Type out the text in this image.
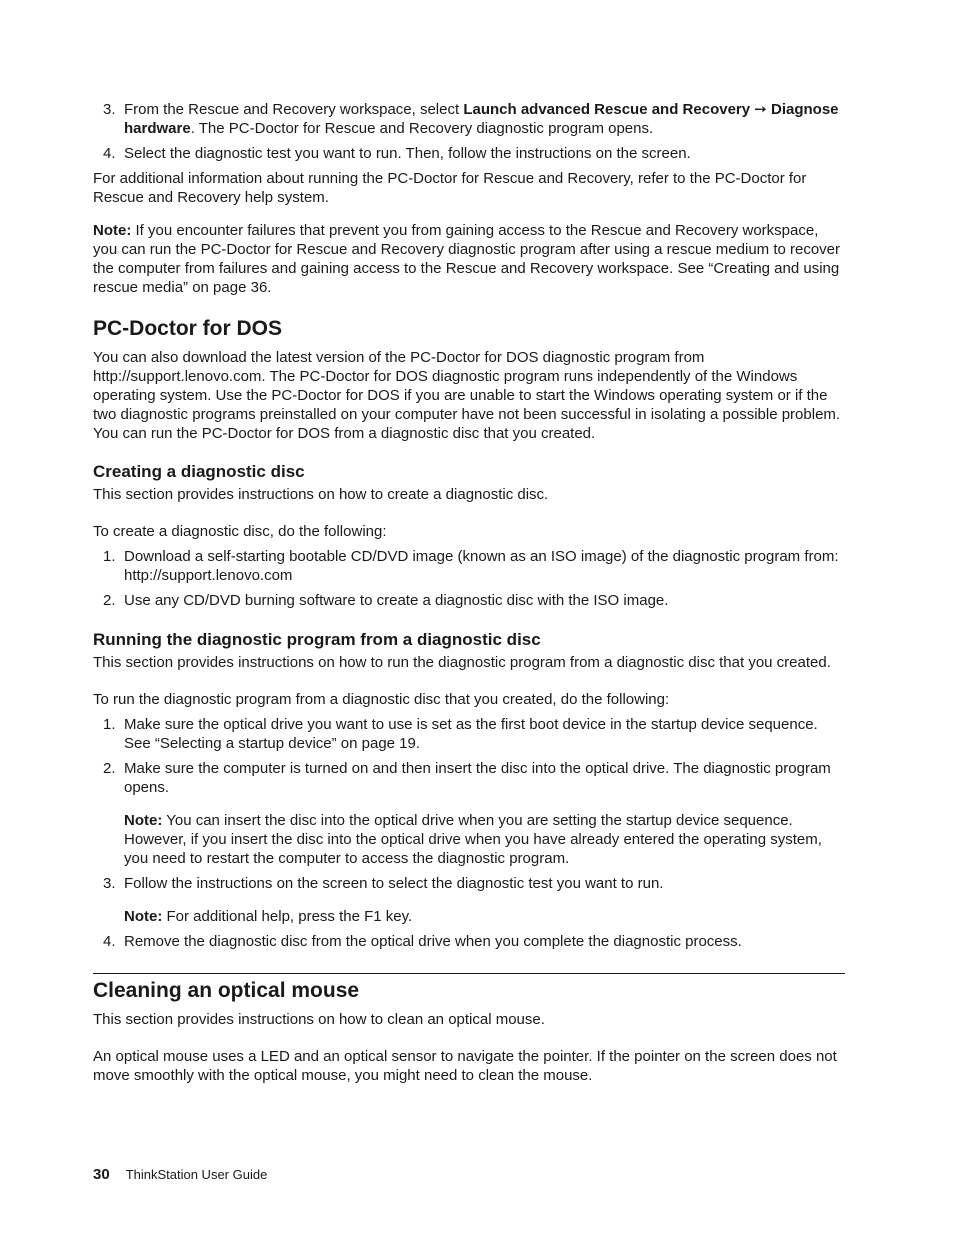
3. From the Rescue and Recovery workspace, select Launch advanced Rescue and Recovery ➙ Diagnose hardware. The PC-Doctor for Rescue and Recovery diagnostic program opens.
4. Select the diagnostic test you want to run. Then, follow the instructions on the screen.

For additional information about running the PC-Doctor for Rescue and Recovery, refer to the PC-Doctor for Rescue and Recovery help system.

Note: If you encounter failures that prevent you from gaining access to the Rescue and Recovery workspace, you can run the PC-Doctor for Rescue and Recovery diagnostic program after using a rescue medium to recover the computer from failures and gaining access to the Rescue and Recovery workspace. See “Creating and using rescue media” on page 36.

PC-Doctor for DOS

You can also download the latest version of the PC-Doctor for DOS diagnostic program from http://support.lenovo.com. The PC-Doctor for DOS diagnostic program runs independently of the Windows operating system. Use the PC-Doctor for DOS if you are unable to start the Windows operating system or if the two diagnostic programs preinstalled on your computer have not been successful in isolating a possible problem. You can run the PC-Doctor for DOS from a diagnostic disc that you created.

Creating a diagnostic disc

This section provides instructions on how to create a diagnostic disc.

To create a diagnostic disc, do the following:

1. Download a self-starting bootable CD/DVD image (known as an ISO image) of the diagnostic program from:
http://support.lenovo.com
2. Use any CD/DVD burning software to create a diagnostic disc with the ISO image.
Running the diagnostic program from a diagnostic disc

This section provides instructions on how to run the diagnostic program from a diagnostic disc that you created.

To run the diagnostic program from a diagnostic disc that you created, do the following:

1. Make sure the optical drive you want to use is set as the first boot device in the startup device sequence. See “Selecting a startup device” on page 19.
2. Make sure the computer is turned on and then insert the disc into the optical drive. The diagnostic program opens.
Note: You can insert the disc into the optical drive when you are setting the startup device sequence. However, if you insert the disc into the optical drive when you have already entered the operating system, you need to restart the computer to access the diagnostic program.
3. Follow the instructions on the screen to select the diagnostic test you want to run.
Note: For additional help, press the F1 key.
4. Remove the diagnostic disc from the optical drive when you complete the diagnostic process.
Cleaning an optical mouse

This section provides instructions on how to clean an optical mouse.

An optical mouse uses a LED and an optical sensor to navigate the pointer. If the pointer on the screen does not move smoothly with the optical mouse, you might need to clean the mouse.

30 ThinkStation User Guide
